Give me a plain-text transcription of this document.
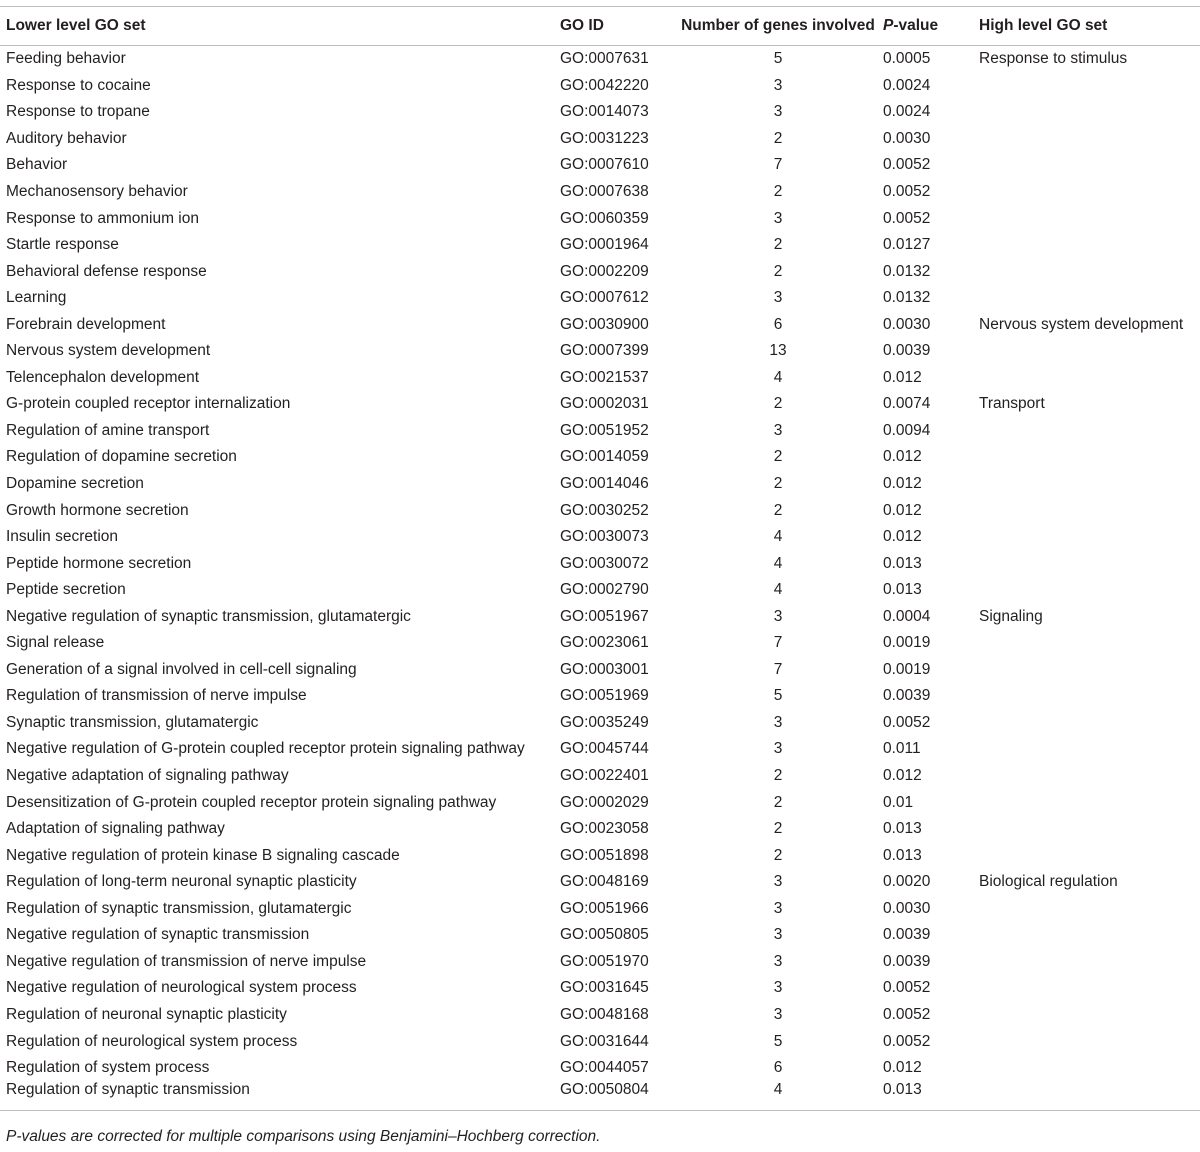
Lower level GO set	GO ID	Number of genes involved	P-value	High level GO set
Feeding behavior	GO:0007631	5	0.0005	Response to stimulus
Response to cocaine	GO:0042220	3	0.0024	
Response to tropane	GO:0014073	3	0.0024	
Auditory behavior	GO:0031223	2	0.0030	
Behavior	GO:0007610	7	0.0052	
Mechanosensory behavior	GO:0007638	2	0.0052	
Response to ammonium ion	GO:0060359	3	0.0052	
Startle response	GO:0001964	2	0.0127	
Behavioral defense response	GO:0002209	2	0.0132	
Learning	GO:0007612	3	0.0132	
Forebrain development	GO:0030900	6	0.0030	Nervous system development
Nervous system development	GO:0007399	13	0.0039	
Telencephalon development	GO:0021537	4	0.012	
G-protein coupled receptor internalization	GO:0002031	2	0.0074	Transport
Regulation of amine transport	GO:0051952	3	0.0094	
Regulation of dopamine secretion	GO:0014059	2	0.012	
Dopamine secretion	GO:0014046	2	0.012	
Growth hormone secretion	GO:0030252	2	0.012	
Insulin secretion	GO:0030073	4	0.012	
Peptide hormone secretion	GO:0030072	4	0.013	
Peptide secretion	GO:0002790	4	0.013	
Negative regulation of synaptic transmission, glutamatergic	GO:0051967	3	0.0004	Signaling
Signal release	GO:0023061	7	0.0019	
Generation of a signal involved in cell-cell signaling	GO:0003001	7	0.0019	
Regulation of transmission of nerve impulse	GO:0051969	5	0.0039	
Synaptic transmission, glutamatergic	GO:0035249	3	0.0052	
Negative regulation of G-protein coupled receptor protein signaling pathway	GO:0045744	3	0.011	
Negative adaptation of signaling pathway	GO:0022401	2	0.012	
Desensitization of G-protein coupled receptor protein signaling pathway	GO:0002029	2	0.01	
Adaptation of signaling pathway	GO:0023058	2	0.013	
Negative regulation of protein kinase B signaling cascade	GO:0051898	2	0.013	
Regulation of long-term neuronal synaptic plasticity	GO:0048169	3	0.0020	Biological regulation
Regulation of synaptic transmission, glutamatergic	GO:0051966	3	0.0030	
Negative regulation of synaptic transmission	GO:0050805	3	0.0039	
Negative regulation of transmission of nerve impulse	GO:0051970	3	0.0039	
Negative regulation of neurological system process	GO:0031645	3	0.0052	
Regulation of neuronal synaptic plasticity	GO:0048168	3	0.0052	
Regulation of neurological system process	GO:0031644	5	0.0052	
Regulation of system process	GO:0044057	6	0.012	
Regulation of synaptic transmission	GO:0050804	4	0.013	
P-values are corrected for multiple comparisons using Benjamini–Hochberg correction.
